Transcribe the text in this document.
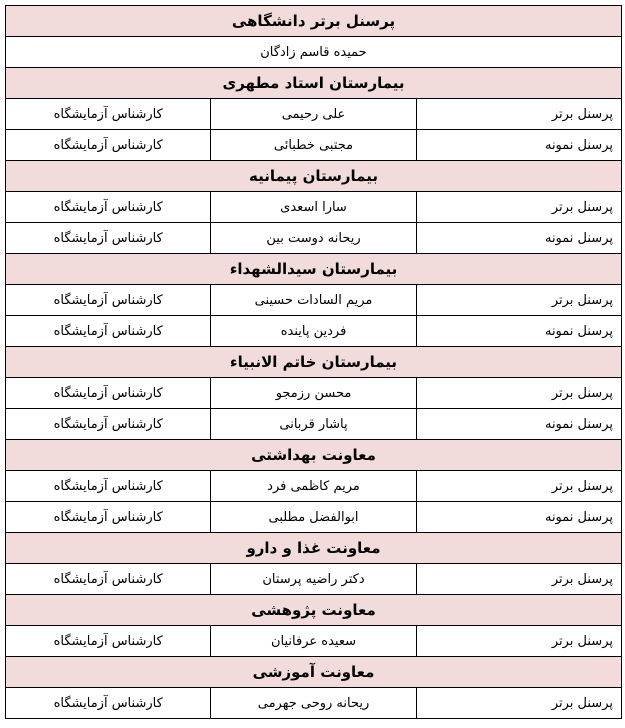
پرسنل برتر دانشگاهی		
حمیده قاسم زادگان		
بیمارستان استاد مطهری		
پرسنل برتر	علی رحیمی	کارشناس آزمایشگاه
پرسنل نمونه	مجتبی خطبائی	کارشناس آزمایشگاه
بیمارستان پیمانیه		
پرسنل برتر	سارا اسعدی	کارشناس آزمایشگاه
پرسنل نمونه	ریحانه دوست بین	کارشناس آزمایشگاه
بیمارستان سیدالشهداء		
پرسنل برتر	مریم السادات حسینی	کارشناس آزمایشگاه
پرسنل نمونه	فردین پاینده	کارشناس آزمایشگاه
بیمارستان خاتم الانبیاء		
پرسنل برتر	محسن رزمجو	کارشناس آزمایشگاه
پرسنل نمونه	پاشار قربانی	کارشناس آزمایشگاه
معاونت بهداشتی		
پرسنل برتر	مریم کاظمی فرد	کارشناس آزمایشگاه
پرسنل نمونه	ابوالفضل مطلبی	کارشناس آزمایشگاه
معاونت غذا و دارو		
پرسنل برتر	دکتر راضیه پرستان	کارشناس آزمایشگاه
معاونت پژوهشی		
پرسنل برتر	سعیده عرفانیان	کارشناس آزمایشگاه
معاونت آموزشی		
پرسنل برتر	ریحانه روحی جهرمی	کارشناس آزمایشگاه
